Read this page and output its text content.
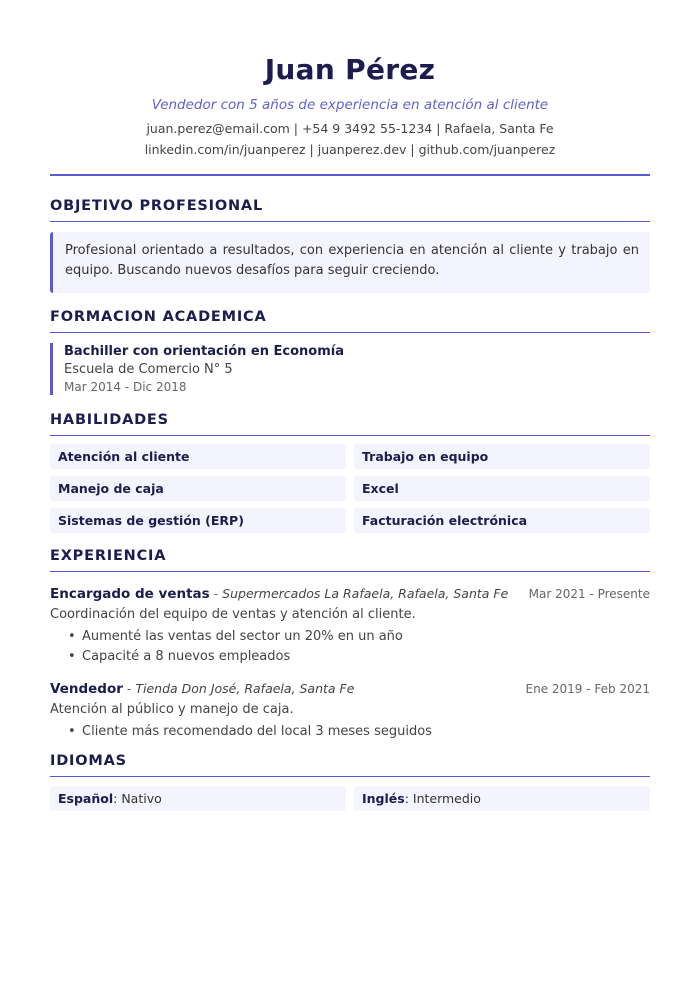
Juan Pérez
Vendedor con 5 años de experiencia en atención al cliente
juan.perez@email.com | +54 9 3492 55-1234 | Rafaela, Santa Fe
linkedin.com/in/juanperez | juanperez.dev | github.com/juanperez
OBJETIVO PROFESIONAL
Profesional orientado a resultados, con experiencia en atención al cliente y trabajo en equipo. Buscando nuevos desafíos para seguir creciendo.
FORMACION ACADEMICA
Bachiller con orientación en Economía
Escuela de Comercio N° 5
Mar 2014 - Dic 2018
HABILIDADES
Atención al cliente	Trabajo en equipo
Manejo de caja	Excel
Sistemas de gestión (ERP)	Facturación electrónica
EXPERIENCIA
Encargado de ventas - Supermercados La Rafaela, Rafaela, Santa Fe Mar 2021 - Presente
Coordinación del equipo de ventas y atención al cliente.
• Aumenté las ventas del sector un 20% en un año
• Capacité a 8 nuevos empleados
Vendedor - Tienda Don José, Rafaela, Santa Fe	Ene 2019 - Feb 2021
Atención al público y manejo de caja.
• Cliente más recomendado del local 3 meses seguidos
IDIOMAS
Español: Nativo	Inglés: Intermedio
